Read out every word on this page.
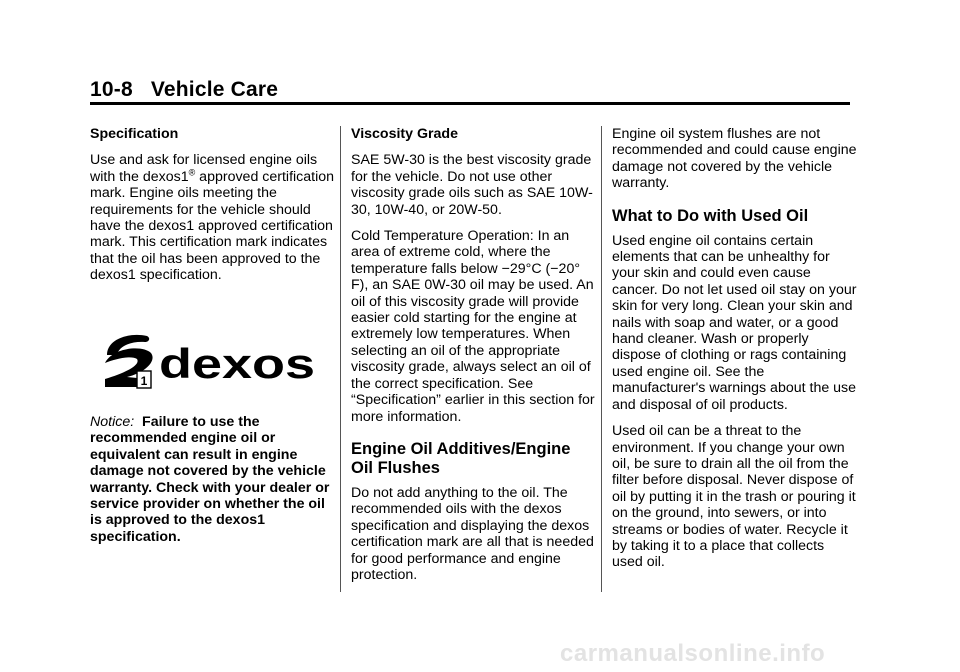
10-8 Vehicle Care

Specification

Use and ask for licensed engine oils with the dexos1® approved certification mark. Engine oils meeting the requirements for the vehicle should have the dexos1 approved certification mark. This certification mark indicates that the oil has been approved to the dexos1 specification.

1 dexos

Notice: Failure to use the recommended engine oil or equivalent can result in engine damage not covered by the vehicle warranty. Check with your dealer or service provider on whether the oil is approved to the dexos1 specification.

Viscosity Grade

SAE 5W-30 is the best viscosity grade for the vehicle. Do not use other viscosity grade oils such as SAE 10W-30, 10W-40, or 20W-50.

Cold Temperature Operation: In an area of extreme cold, where the temperature falls below −29°C (−20° F), an SAE 0W-30 oil may be used. An oil of this viscosity grade will provide easier cold starting for the engine at extremely low temperatures. When selecting an oil of the appropriate viscosity grade, always select an oil of the correct specification. See “Specification” earlier in this section for more information.

Engine Oil Additives/Engine Oil Flushes

Do not add anything to the oil. The recommended oils with the dexos specification and displaying the dexos certification mark are all that is needed for good performance and engine protection.

Engine oil system flushes are not recommended and could cause engine damage not covered by the vehicle warranty.

What to Do with Used Oil

Used engine oil contains certain elements that can be unhealthy for your skin and could even cause cancer. Do not let used oil stay on your skin for very long. Clean your skin and nails with soap and water, or a good hand cleaner. Wash or properly dispose of clothing or rags containing used engine oil. See the manufacturer's warnings about the use and disposal of oil products.

Used oil can be a threat to the environment. If you change your own oil, be sure to drain all the oil from the filter before disposal. Never dispose of oil by putting it in the trash or pouring it on the ground, into sewers, or into streams or bodies of water. Recycle it by taking it to a place that collects used oil.

carmanualsonline.info
